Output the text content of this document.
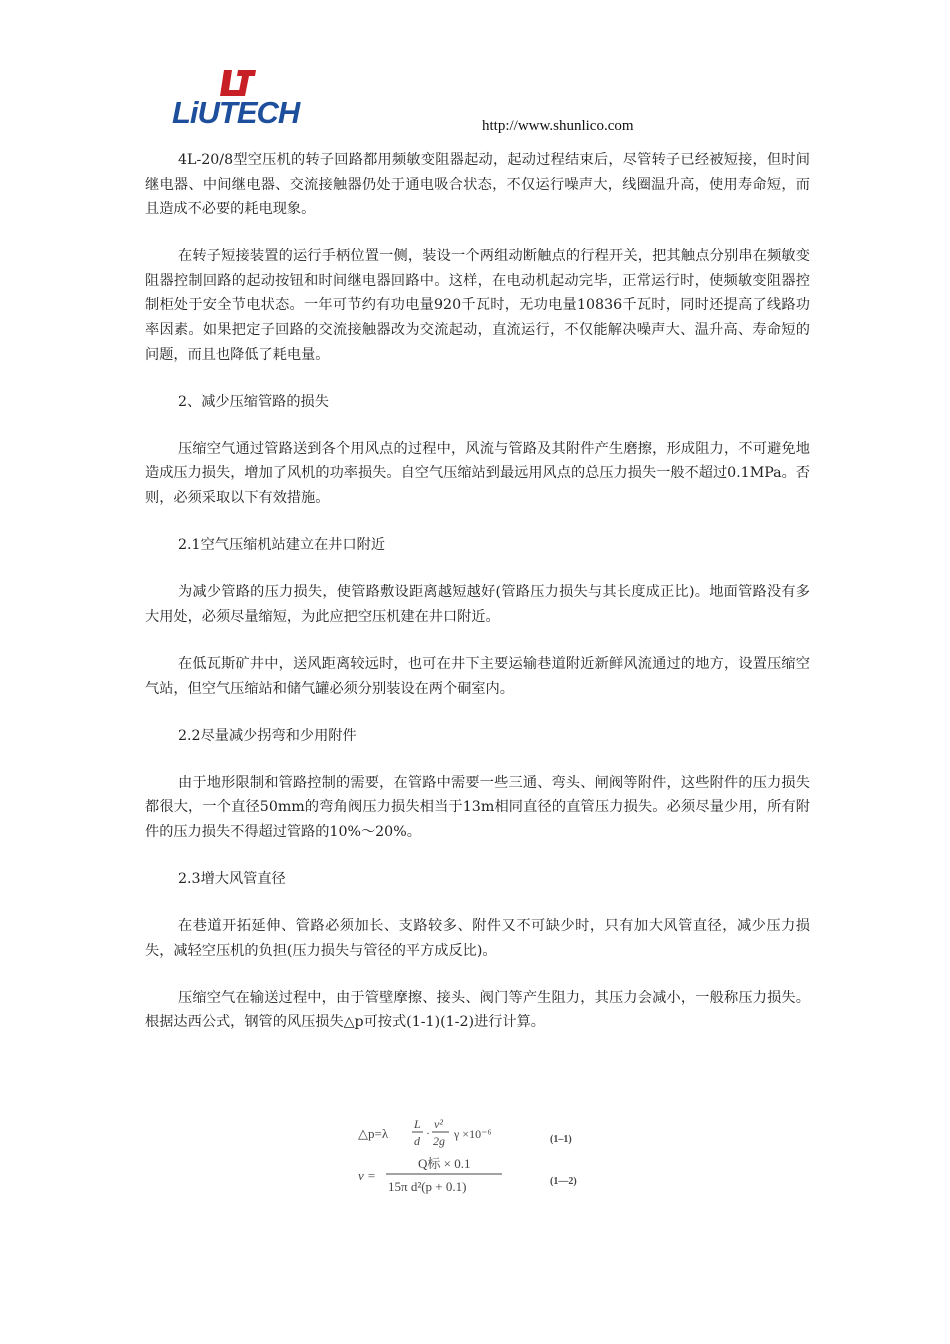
LiUTECH	http://www.shunlico.com

4L-20/8型空压机的转子回路都用频敏变阻器起动，起动过程结束后，尽管转子已经被短接，但时间继电器、中间继电器、交流接触器仍处于通电吸合状态，不仅运行噪声大，线圈温升高，使用寿命短，而且造成不必要的耗电现象。

在转子短接装置的运行手柄位置一侧，装设一个两组动断触点的行程开关，把其触点分别串在频敏变阻器控制回路的起动按钮和时间继电器回路中。这样，在电动机起动完毕，正常运行时，使频敏变阻器控制柜处于安全节电状态。一年可节约有功电量920千瓦时，无功电量10836千瓦时，同时还提高了线路功率因素。如果把定子回路的交流接触器改为交流起动，直流运行，不仅能解决噪声大、温升高、寿命短的问题，而且也降低了耗电量。

2、减少压缩管路的损失

压缩空气通过管路送到各个用风点的过程中，风流与管路及其附件产生磨擦，形成阻力，不可避免地造成压力损失，增加了风机的功率损失。自空气压缩站到最远用风点的总压力损失一般不超过0.1MPa。否则，必须采取以下有效措施。

2.1空气压缩机站建立在井口附近

为减少管路的压力损失，使管路敷设距离越短越好(管路压力损失与其长度成正比)。地面管路没有多大用处，必须尽量缩短，为此应把空压机建在井口附近。

在低瓦斯矿井中，送风距离较远时，也可在井下主要运输巷道附近新鲜风流通过的地方，设置压缩空气站，但空气压缩站和储气罐必须分别装设在两个硐室内。

2.2尽量减少拐弯和少用附件

由于地形限制和管路控制的需要，在管路中需要一些三通、弯头、闸阀等附件，这些附件的压力损失都很大，一个直径50mm的弯角阀压力损失相当于13m相同直径的直管压力损失。必须尽量少用，所有附件的压力损失不得超过管路的10%～20%。

2.3增大风管直径

在巷道开拓延伸、管路必须加长、支路较多、附件又不可缺少时，只有加大风管直径，减少压力损失，减轻空压机的负担(压力损失与管径的平方成反比)。

压缩空气在输送过程中，由于管壁摩擦、接头、阀门等产生阻力，其压力会减小，一般称压力损失。根据达西公式，钢管的风压损失△p可按式(1-1)(1-2)进行计算。

△p=λ
L
d
·
v²
2g γ ×10⁻⁶	(1–1)
v =
Q标 × 0.1
15π d²(p + 0.1)	(1—2)
